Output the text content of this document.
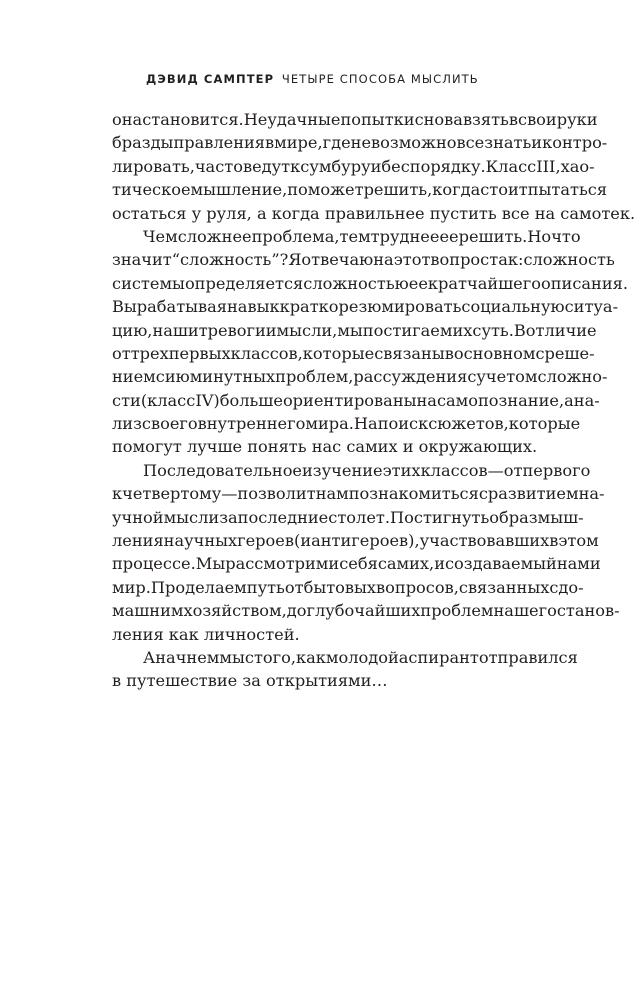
ДЭВИД САМПТЕР ЧЕТЫРЕ СПОСОБА МЫСЛИТЬ
она становится. Неудачные попытки снова взять в свои руки
бразды правления в мире, где невозможно все знать и контро-
лировать, часто ведут к сумбуру и беспорядку. Класс III, хао-
тическое мышление, поможет решить, когда стоит пытаться
остаться у руля, а когда правильнее пустить все на самотек.
Чем сложнее проблема, тем труднее ее решить. Но что
значит “сложность”? Я отвечаю на этот вопрос так: сложность
системы определяется сложностью ее кратчайшего описания.
Вырабатывая навык кратко резюмировать социальную ситуа-
цию, наши тревоги и мысли, мы постигаем их суть. В отличие
от трех первых классов, которые связаны в основном с реше-
нием сиюминутных проблем, рассуждения с учетом сложно-
сти (класс IV) больше ориентированы на самопознание, ана-
лиз своего внутреннего мира. На поиск сюжетов, которые
помогут лучше понять нас самих и окружающих.
Последовательное изучение этих классов — от первого
к четвертому — позволит нам познакомиться с развитием на-
учной мысли за последние сто лет. Постигнуть образ мыш-
ления научных героев (и антигероев), участвовавших в этом
процессе. Мы рассмотрим и себя самих, и создаваемый нами
мир. Проделаем путь от бытовых вопросов, связанных с до-
машним хозяйством, до глубочайших проблем нашего станов-
ления как личностей.
А начнем мы с того, как молодой аспирант отправился
в путешествие за открытиями…
